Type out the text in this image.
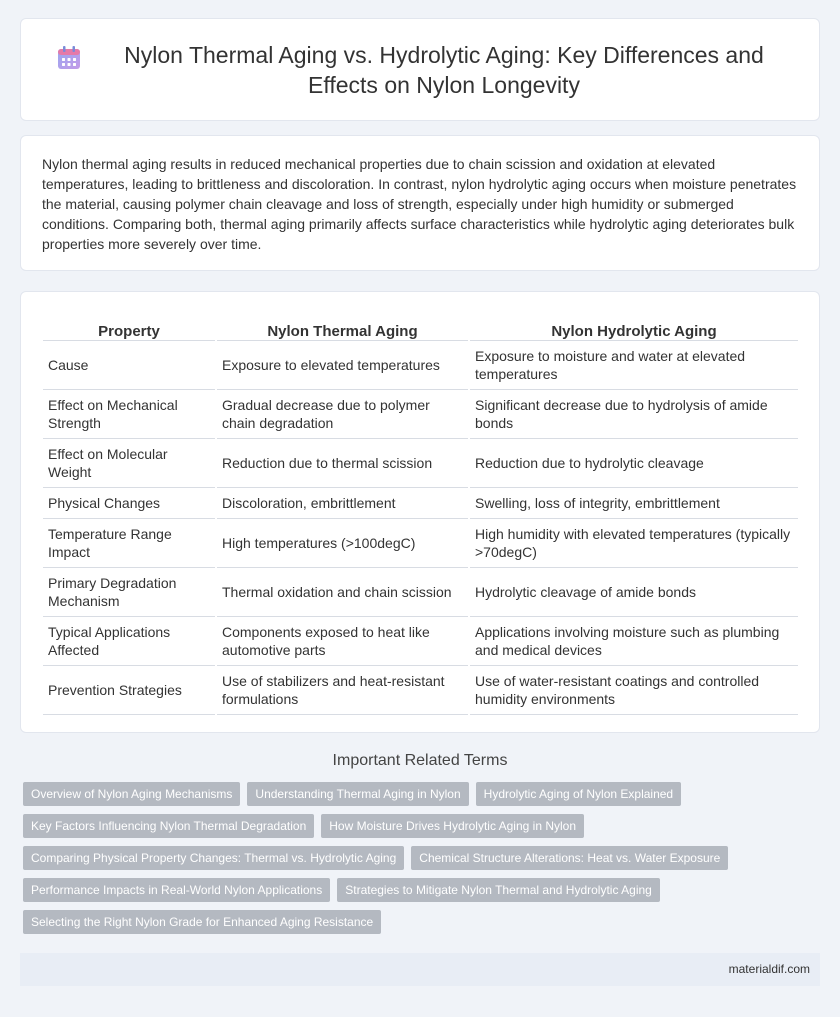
Nylon Thermal Aging vs. Hydrolytic Aging: Key Differences and Effects on Nylon Longevity

Nylon thermal aging results in reduced mechanical properties due to chain scission and oxidation at elevated temperatures, leading to brittleness and discoloration. In contrast, nylon hydrolytic aging occurs when moisture penetrates the material, causing polymer chain cleavage and loss of strength, especially under high humidity or submerged conditions. Comparing both, thermal aging primarily affects surface characteristics while hydrolytic aging deteriorates bulk properties more severely over time.

Property	Nylon Thermal Aging	Nylon Hydrolytic Aging
Cause	Exposure to elevated temperatures	Exposure to moisture and water at elevated temperatures
Effect on Mechanical Strength	Gradual decrease due to polymer chain degradation	Significant decrease due to hydrolysis of amide bonds
Effect on Molecular Weight	Reduction due to thermal scission	Reduction due to hydrolytic cleavage
Physical Changes	Discoloration, embrittlement	Swelling, loss of integrity, embrittlement
Temperature Range Impact	High temperatures (>100degC)	High humidity with elevated temperatures (typically >70degC)
Primary Degradation Mechanism	Thermal oxidation and chain scission	Hydrolytic cleavage of amide bonds
Typical Applications Affected	Components exposed to heat like automotive parts	Applications involving moisture such as plumbing and medical devices
Prevention Strategies	Use of stabilizers and heat-resistant formulations	Use of water-resistant coatings and controlled humidity environments
Important Related Terms
Overview of Nylon Aging Mechanisms	Understanding Thermal Aging in Nylon	Hydrolytic Aging of Nylon Explained
Key Factors Influencing Nylon Thermal Degradation	How Moisture Drives Hydrolytic Aging in Nylon
Comparing Physical Property Changes: Thermal vs. Hydrolytic Aging	Chemical Structure Alterations: Heat vs. Water Exposure
Performance Impacts in Real-World Nylon Applications	Strategies to Mitigate Nylon Thermal and Hydrolytic Aging
Selecting the Right Nylon Grade for Enhanced Aging Resistance
materialdif.com
